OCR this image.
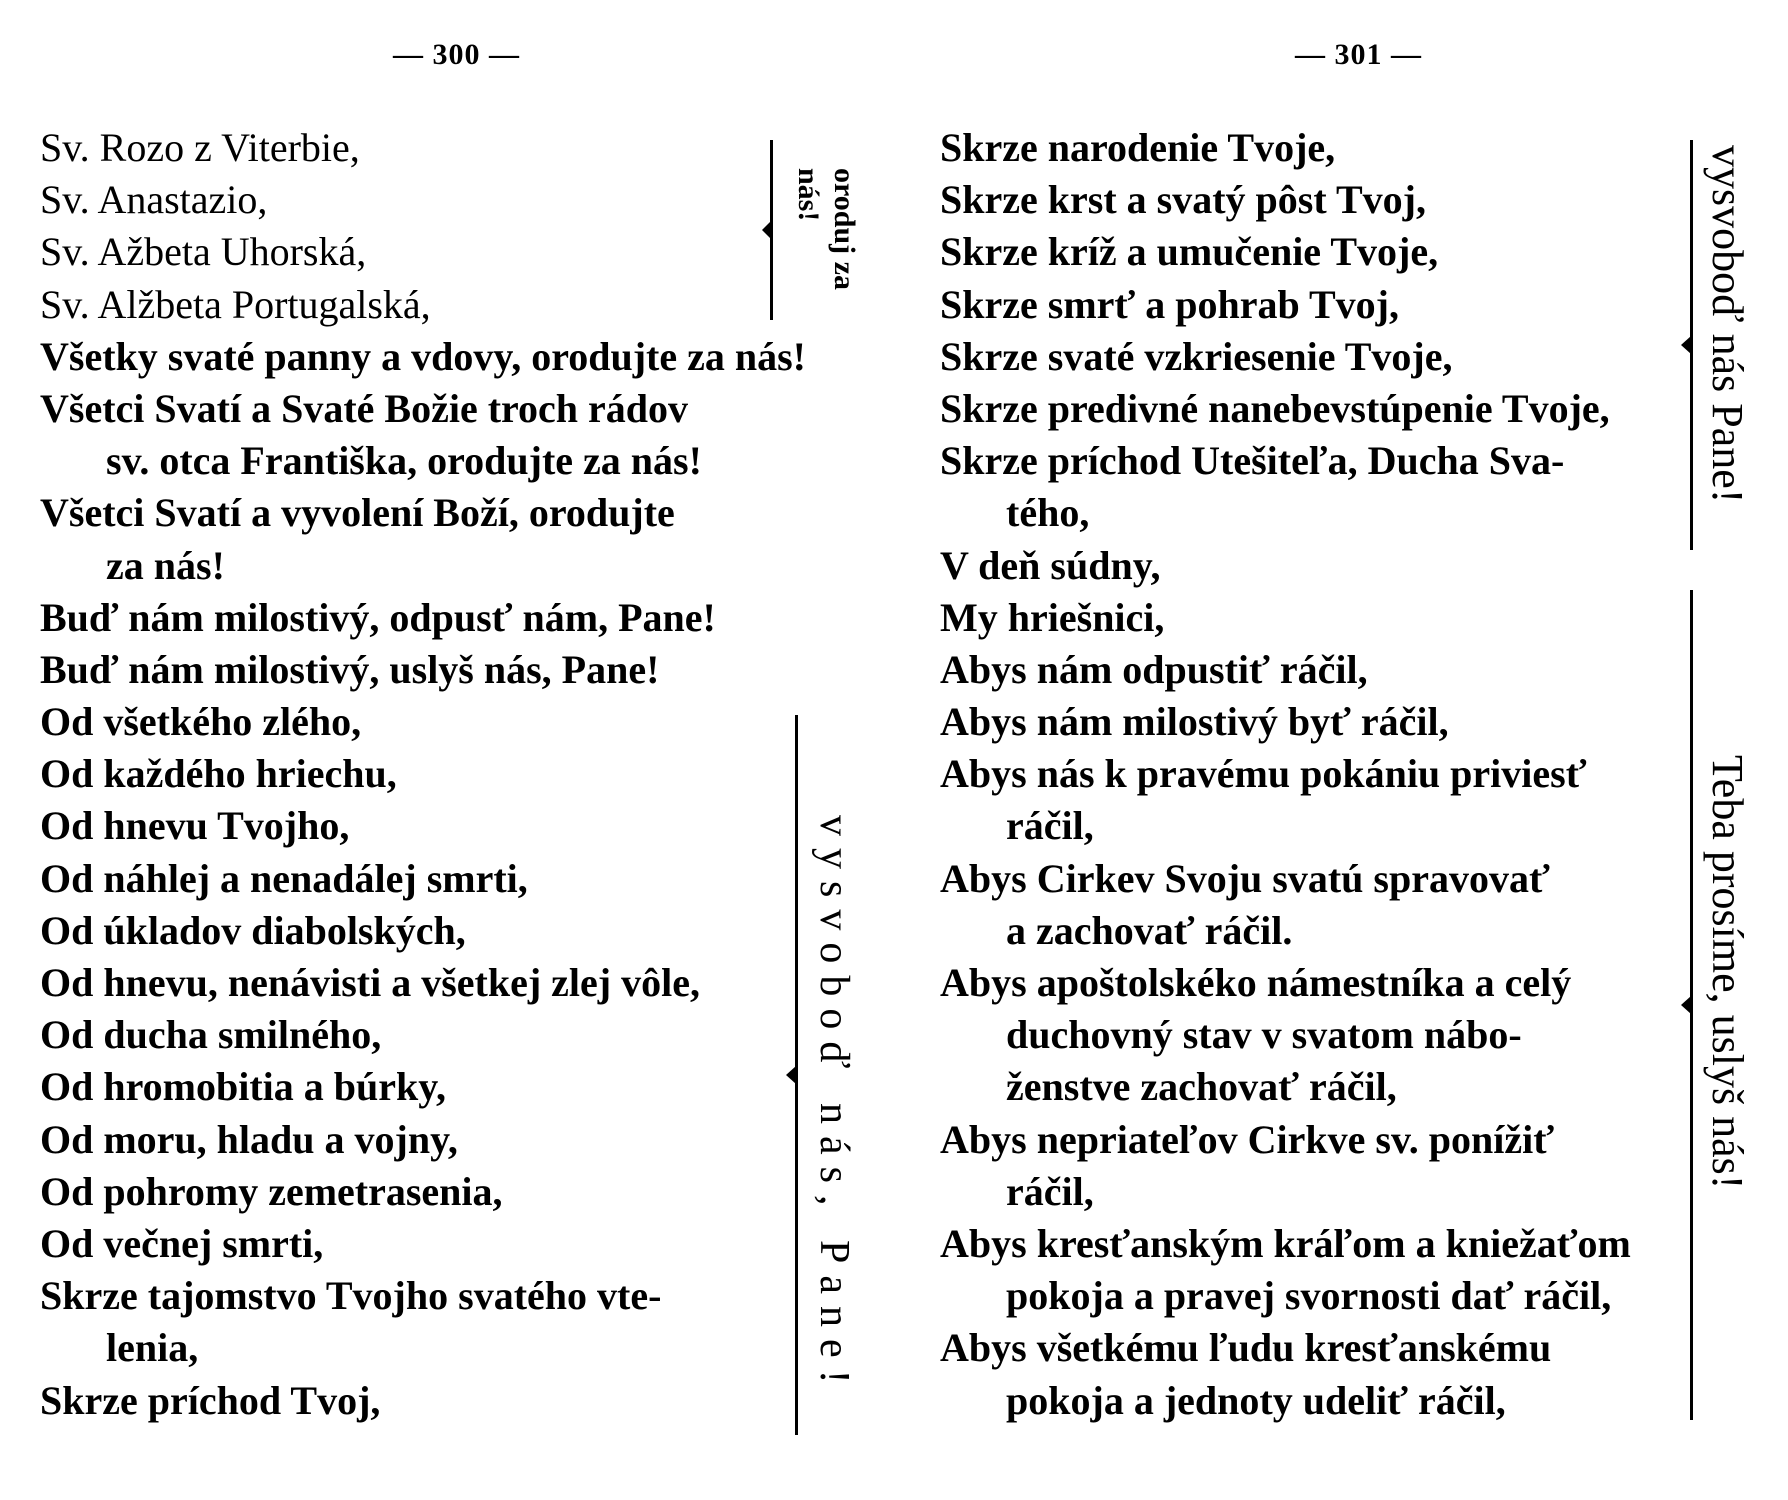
— 300 —
Sv. Rozo z Viterbie,
Sv. Anastazio,
Sv. Ažbeta Uhorská,
Sv. Alžbeta Portugalská,
Všetky svaté panny a vdovy, orodujte za nás!
Všetci Svatí a Svaté Božie troch rádov
sv. otca Františka, orodujte za nás!
Všetci Svatí a vyvolení Boží, orodujte
za nás!
Buď nám milostivý, odpusť nám, Pane!
Buď nám milostivý, uslyš nás, Pane!
Od všetkého zlého,
Od každého hriechu,
Od hnevu Tvojho,
Od náhlej a nenadálej smrti,
Od úkladov diabolských,
Od hnevu, nenávisti a všetkej zlej vôle,
Od ducha smilného,
Od hromobitia a búrky,
Od moru, hladu a vojny,
Od pohromy zemetrasenia,
Od večnej smrti,
Skrze tajomstvo Tvojho svatého vte-
lenia,
Skrze príchod Tvoj,
oroduj za nás!
vysvoboď nás, Pane!
— 301 —
Skrze narodenie Tvoje,
Skrze krst a svatý pôst Tvoj,
Skrze kríž a umučenie Tvoje,
Skrze smrť a pohrab Tvoj,
Skrze svaté vzkriesenie Tvoje,
Skrze predivné nanebevstúpenie Tvoje,
Skrze príchod Utešiteľa, Ducha Sva-
tého,
V deň súdny,
My hriešnici,
Abys nám odpustiť ráčil,
Abys nám milostivý byť ráčil,
Abys nás k pravému pokániu priviesť
ráčil,
Abys Cirkev Svoju svatú spravovať
a zachovať ráčil.
Abys apoštolskéko námestníka a celý
duchovný stav v svatom nábo-
ženstve zachovať ráčil,
Abys nepriateľov Cirkve sv. ponížiť
ráčil,
Abys kresťanským kráľom a kniežaťom
pokoja a pravej svornosti dať ráčil,
Abys všetkému ľudu kresťanskému
pokoja a jednoty udeliť ráčil,
vysvoboď nás Pane!
Teba prosíme, uslyš nás!
